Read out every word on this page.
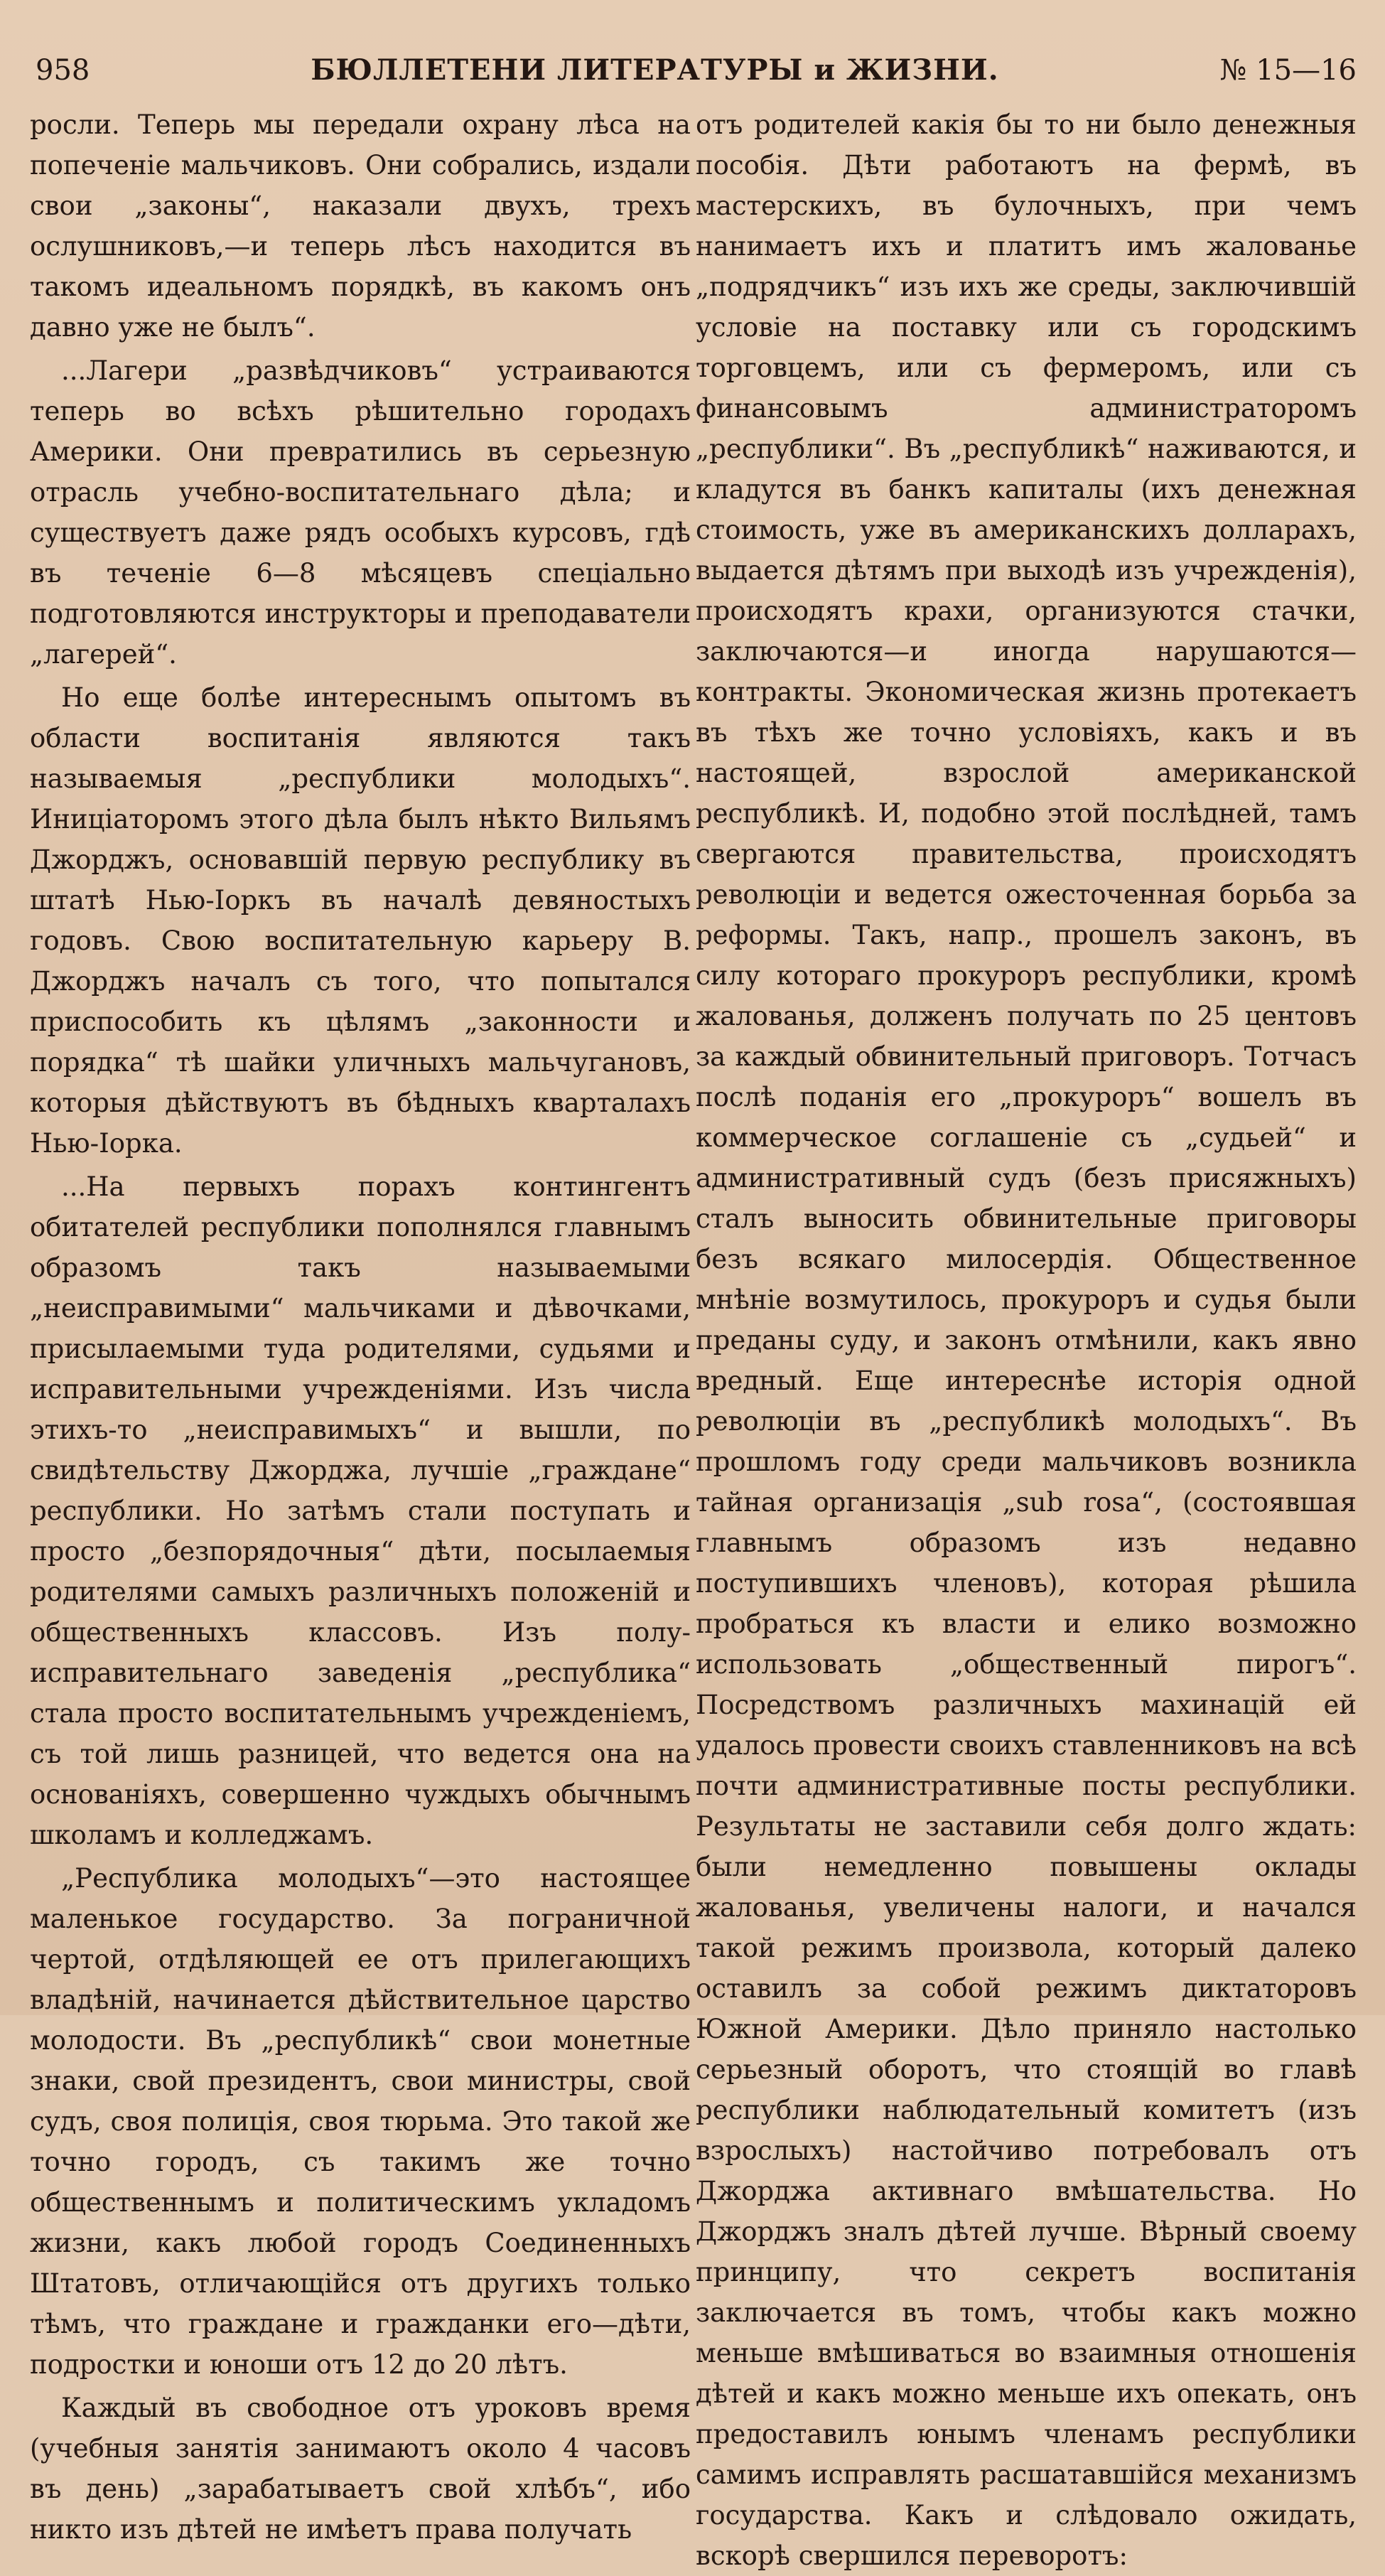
958	БЮЛЛЕТЕНИ ЛИТЕРАТУРЫ и ЖИЗНИ.	№ 15—16

росли. Теперь мы передали охрану лѣса на попеченіе мальчиковъ. Они собрались, издали свои „законы“, наказали двухъ, трехъ ослушниковъ,—и теперь лѣсъ находится въ такомъ идеальномъ порядкѣ, въ какомъ онъ давно уже не былъ“.

...Лагери „развѣдчиковъ“ устраиваются теперь во всѣхъ рѣшительно городахъ Америки. Они превратились въ серьезную отрасль учебно-воспитательнаго дѣла; и существуетъ даже рядъ особыхъ курсовъ, гдѣ въ теченіе 6—8 мѣсяцевъ спеціально подготовляются инструкторы и преподаватели „лагерей“.

Но еще болѣе интереснымъ опытомъ въ области воспитанія являются такъ называемыя „республики молодыхъ“. Иниціаторомъ этого дѣла былъ нѣкто Вильямъ Джорджъ, основавшій первую республику въ штатѣ Нью-Іоркъ въ началѣ девяностыхъ годовъ. Свою воспитательную карьеру В. Джорджъ началъ съ того, что попытался приспособить къ цѣлямъ „законности и порядка“ тѣ шайки уличныхъ мальчугановъ, которыя дѣйствуютъ въ бѣдныхъ кварталахъ Нью-Іорка.

...На первыхъ порахъ контингентъ обитателей республики пополнялся главнымъ образомъ такъ называемыми „неисправимыми“ мальчиками и дѣвочками, присылаемыми туда родителями, судьями и исправительными учрежденіями. Изъ числа этихъ-то „неисправимыхъ“ и вышли, по свидѣтельству Джорджа, лучшіе „граждане“ республики. Но затѣмъ стали поступать и просто „безпорядочныя“ дѣти, посылаемыя родителями самыхъ различныхъ положеній и общественныхъ классовъ. Изъ полу-исправительнаго заведенія „республика“ стала просто воспитательнымъ учрежденіемъ, съ той лишь разницей, что ведется она на основаніяхъ, совершенно чуждыхъ обычнымъ школамъ и колледжамъ.

„Республика молодыхъ“—это настоящее маленькое государство. За пограничной чертой, отдѣляющей ее отъ прилегающихъ владѣній, начинается дѣйствительное царство молодости. Въ „республикѣ“ свои монетные знаки, свой президентъ, свои министры, свой судъ, своя полиція, своя тюрьма. Это такой же точно городъ, съ такимъ же точно общественнымъ и политическимъ укладомъ жизни, какъ любой городъ Соединенныхъ Штатовъ, отличающійся отъ другихъ только тѣмъ, что граждане и гражданки его—дѣти, подростки и юноши отъ 12 до 20 лѣтъ.

Каждый въ свободное отъ уроковъ время (учебныя занятія занимаютъ около 4 часовъ въ день) „зарабатываетъ свой хлѣбъ“, ибо никто изъ дѣтей не имѣетъ права получать

отъ родителей какія бы то ни было денежныя пособія. Дѣти работаютъ на фермѣ, въ мастерскихъ, въ булочныхъ, при чемъ нанимаетъ ихъ и платитъ имъ жалованье „подрядчикъ“ изъ ихъ же среды, заключившій условіе на поставку или съ городскимъ торговцемъ, или съ фермеромъ, или съ финансовымъ администраторомъ „республики“. Въ „республикѣ“ наживаются, и кладутся въ банкъ капиталы (ихъ денежная стоимость, уже въ американскихъ долларахъ, выдается дѣтямъ при выходѣ изъ учрежденія), происходятъ крахи, организуются стачки, заключаются—и иногда нарушаются—контракты. Экономическая жизнь протекаетъ въ тѣхъ же точно условіяхъ, какъ и въ настоящей, взрослой американской республикѣ. И, подобно этой послѣдней, тамъ свергаются правительства, происходятъ революціи и ведется ожесточенная борьба за реформы. Такъ, напр., прошелъ законъ, въ силу котораго прокуроръ республики, кромѣ жалованья, долженъ получать по 25 центовъ за каждый обвинительный приговоръ. Тотчасъ послѣ поданія его „прокуроръ“ вошелъ въ коммерческое соглашеніе съ „судьей“ и административный судъ (безъ присяжныхъ) сталъ выносить обвинительные приговоры безъ всякаго милосердія. Общественное мнѣніе возмутилось, прокуроръ и судья были преданы суду, и законъ отмѣнили, какъ явно вредный. Еще интереснѣе исторія одной революціи въ „республикѣ молодыхъ“. Въ прошломъ году среди мальчиковъ возникла тайная организація „sub rosa“, (состоявшая главнымъ образомъ изъ недавно поступившихъ членовъ), которая рѣшила пробраться къ власти и елико возможно использовать „общественный пирогъ“. Посредствомъ различныхъ махинацій ей удалось провести своихъ ставленниковъ на всѣ почти административные посты республики. Результаты не заставили себя долго ждать: были немедленно повышены оклады жалованья, увеличены налоги, и начался такой режимъ произвола, который далеко оставилъ за собой режимъ диктаторовъ Южной Америки. Дѣло приняло настолько серьезный оборотъ, что стоящій во главѣ республики наблюдательный комитетъ (изъ взрослыхъ) настойчиво потребовалъ отъ Джорджа активнаго вмѣшательства. Но Джорджъ зналъ дѣтей лучше. Вѣрный своему принципу, что секретъ воспитанія заключается въ томъ, чтобы какъ можно меньше вмѣшиваться во взаимныя отношенія дѣтей и какъ можно меньше ихъ опекать, онъ предоставилъ юнымъ членамъ республики самимъ исправлять расшатавшійся механизмъ государства. Какъ и слѣдовало ожидать, вскорѣ свершился переворотъ:
